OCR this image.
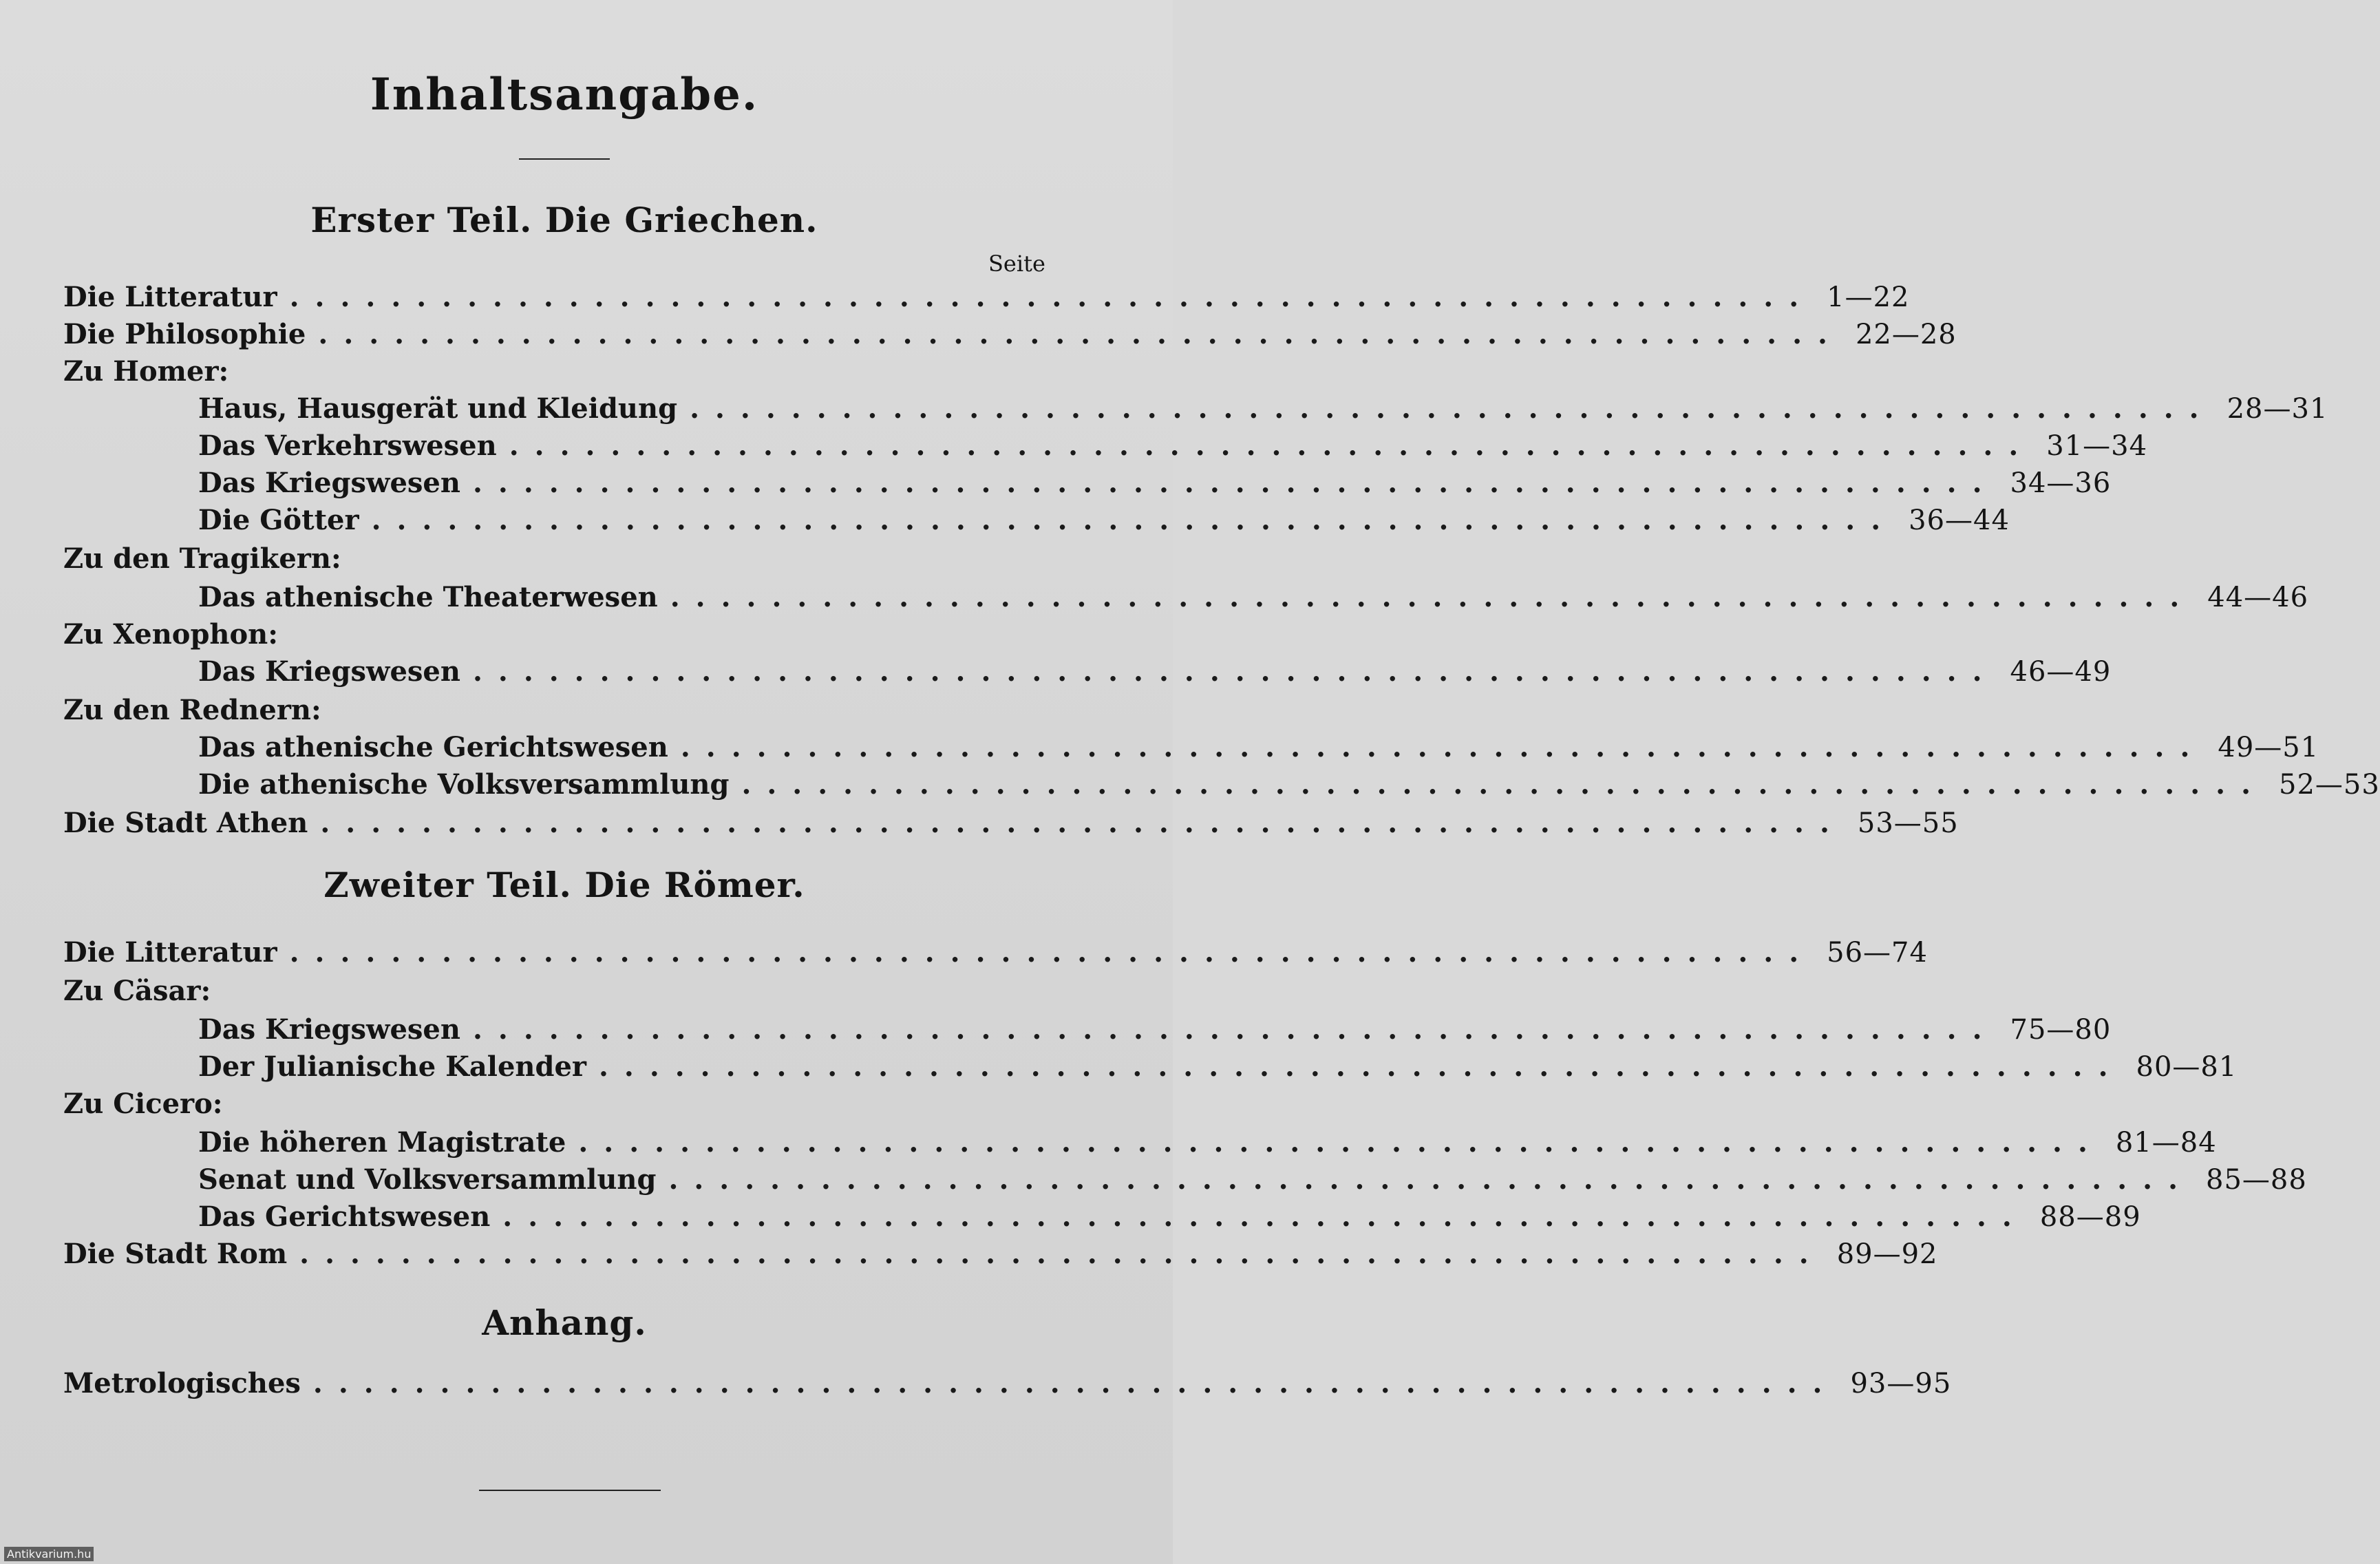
Inhaltsangabe.
Erster Teil. Die Griechen.
Seite
Die Litteratur ............................................................ 1—22
Die Philosophie ............................................................ 22—28
Zu Homer:
Haus, Hausgerät und Kleidung ............................................................ 28—31
Das Verkehrswesen ............................................................ 31—34
Das Kriegswesen ............................................................ 34—36
Die Götter ............................................................ 36—44
Zu den Tragikern:
Das athenische Theaterwesen ............................................................ 44—46
Zu Xenophon:
Das Kriegswesen ............................................................ 46—49
Zu den Rednern:
Das athenische Gerichtswesen ............................................................ 49—51
Die athenische Volksversammlung ............................................................ 52—53
Die Stadt Athen ............................................................ 53—55
Zweiter Teil. Die Römer.
Die Litteratur ............................................................ 56—74
Zu Cäsar:
Das Kriegswesen ............................................................ 75—80
Der Julianische Kalender ............................................................ 80—81
Zu Cicero:
Die höheren Magistrate ............................................................ 81—84
Senat und Volksversammlung ............................................................ 85—88
Das Gerichtswesen ............................................................ 88—89
Die Stadt Rom ............................................................ 89—92
Anhang.
Metrologisches ............................................................ 93—95
Antikvarium.hu
